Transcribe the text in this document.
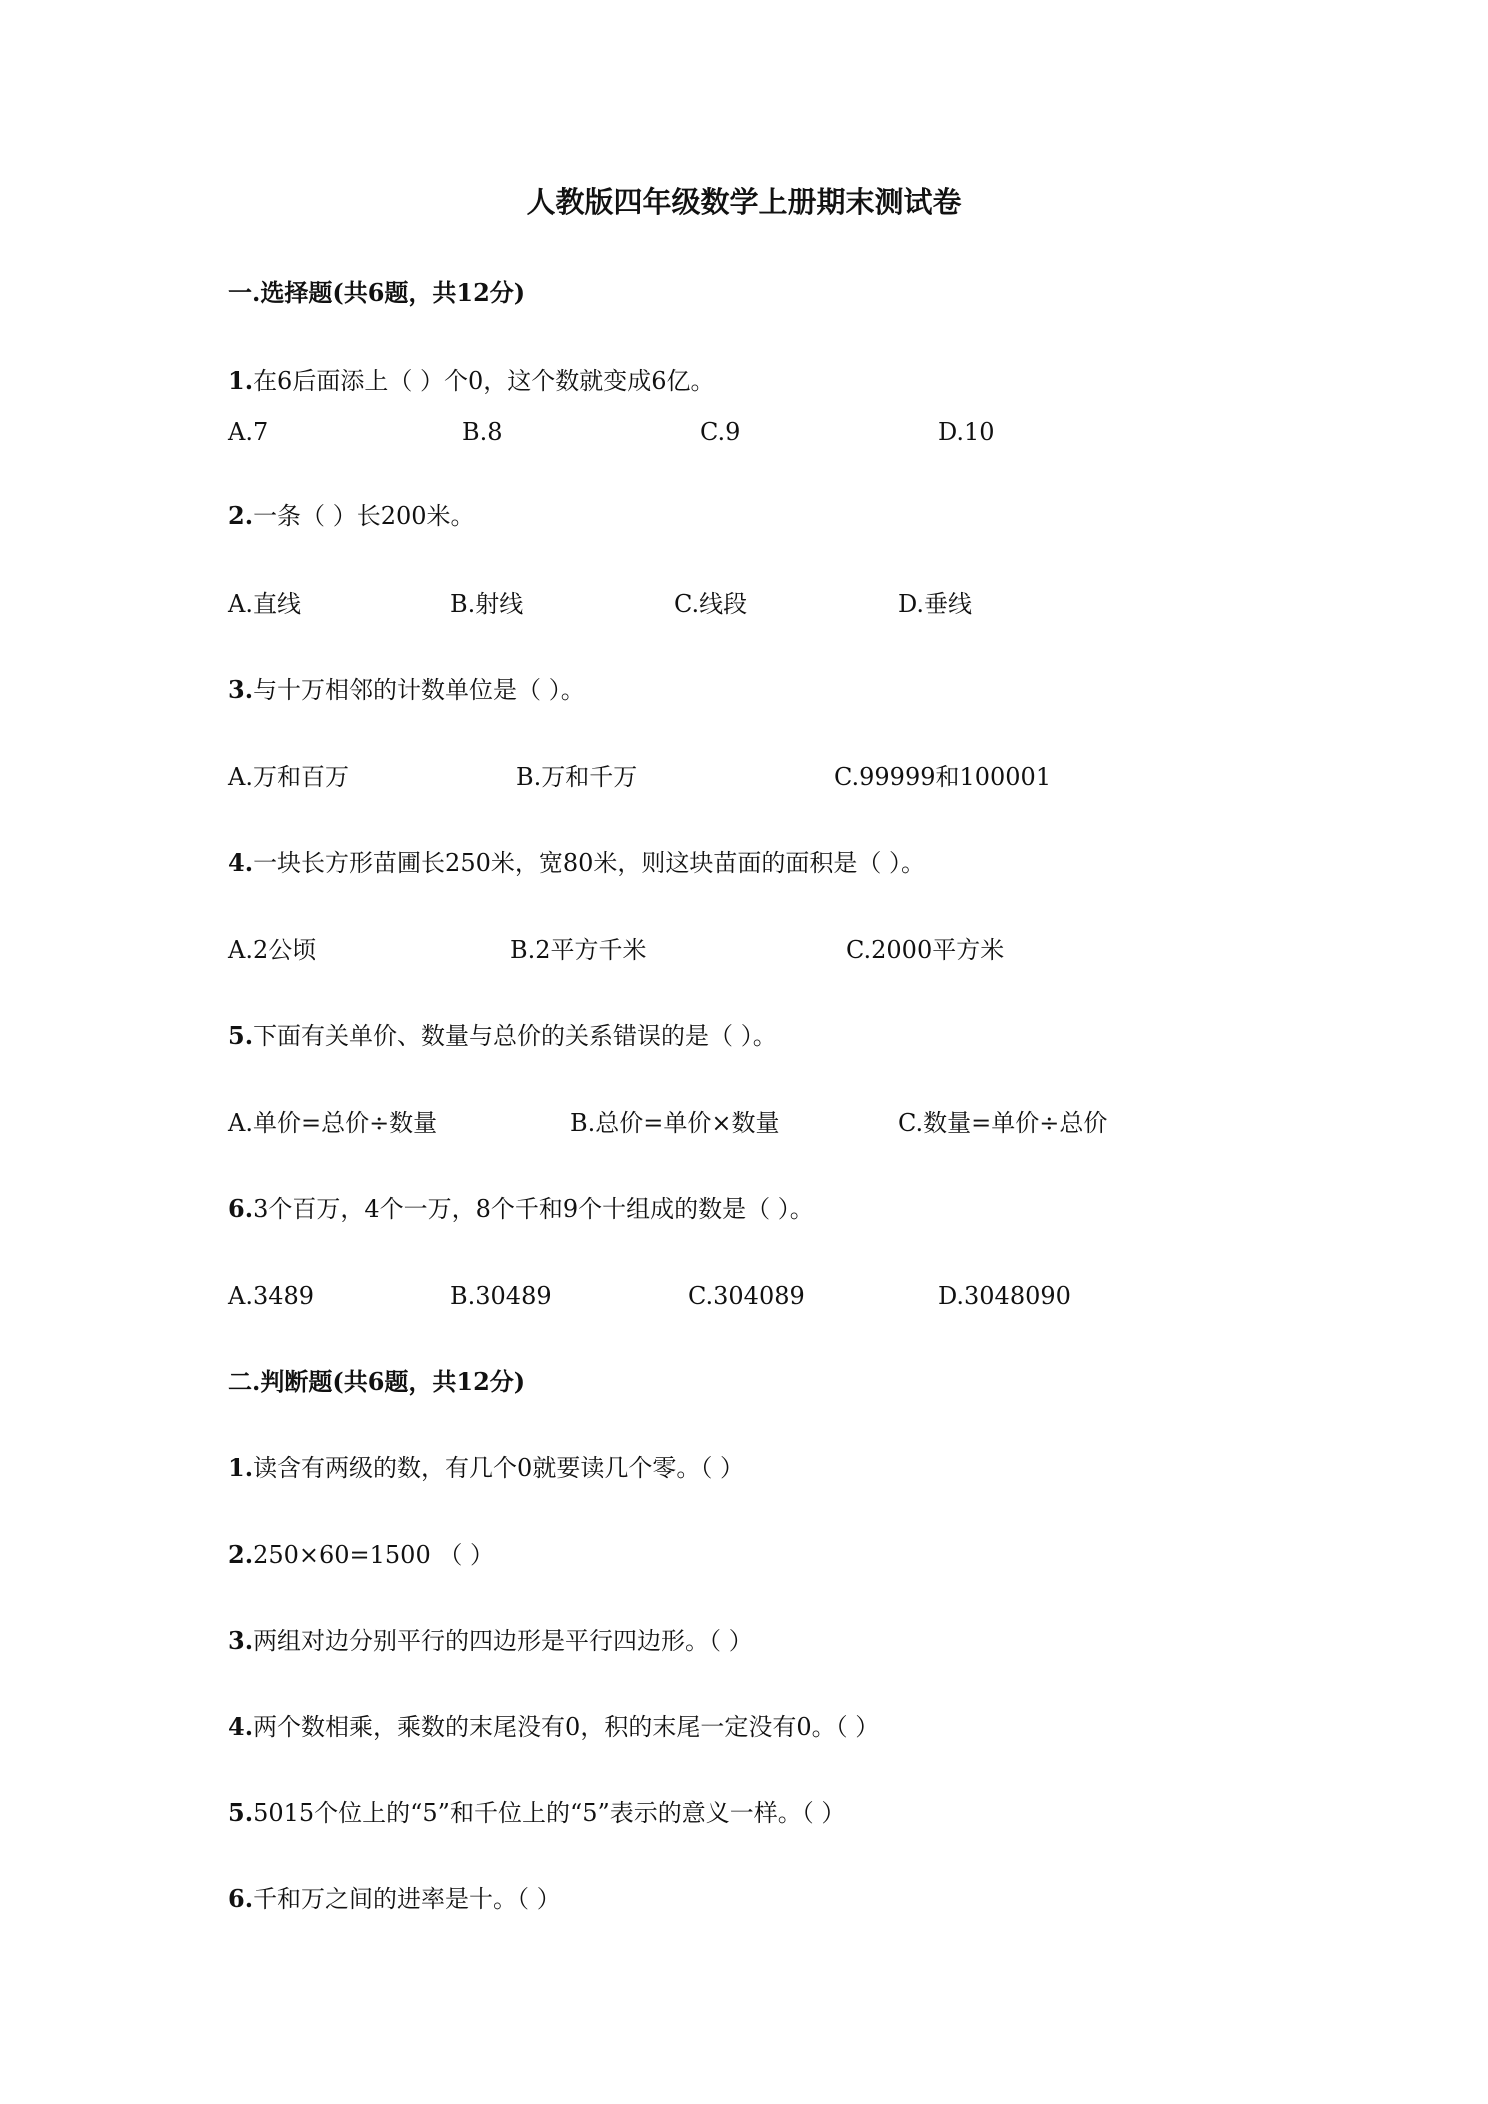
人教版四年级数学上册期末测试卷
一.选择题(共6题，共12分)
1.在6后面添上（ ）个0，这个数就变成6亿。
A.7	B.8	C.9	D.10
2.一条（ ）长200米。
A.直线	B.射线	C.线段	D.垂线
3.与十万相邻的计数单位是（ ）。
A.万和百万	B.万和千万	C.99999和100001
4.一块长方形苗圃长250米，宽80米，则这块苗面的面积是（ ）。
A.2公顷	B.2平方千米	C.2000平方米
5.下面有关单价、数量与总价的关系错误的是（ ）。
A.单价=总价÷数量	B.总价=单价×数量	C.数量=单价÷总价
6.3个百万，4个一万，8个千和9个十组成的数是（ ）。
A.3489	B.30489	C.304089	D.3048090
二.判断题(共6题，共12分)
1.读含有两级的数，有几个0就要读几个零。（ ）
2.250×60=1500 （ ）
3.两组对边分别平行的四边形是平行四边形。（ ）
4.两个数相乘，乘数的末尾没有0，积的末尾一定没有0。（ ）
5.5015个位上的“5”和千位上的“5”表示的意义一样。（ ）
6.千和万之间的进率是十。（ ）
